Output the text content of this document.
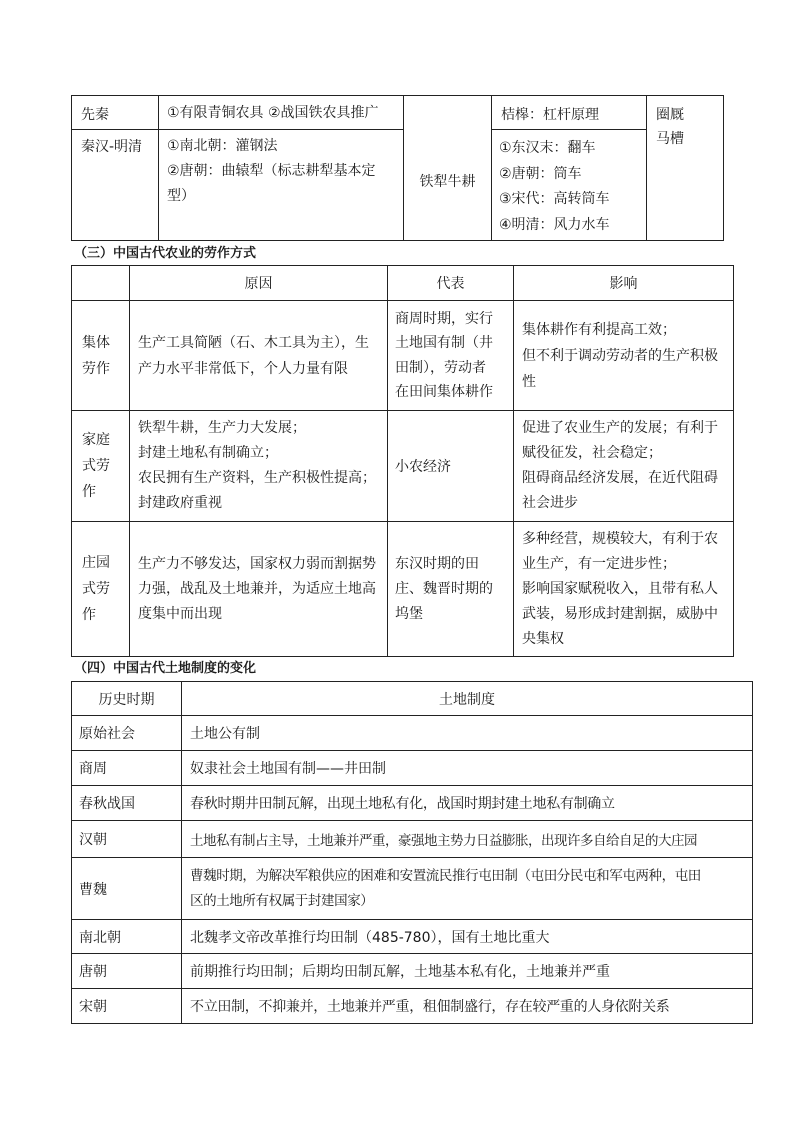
先秦	①有限青铜农具 ②战国铁农具推广	铁犁牛耕	桔槔：杠杆原理	圈厩
马槽

秦汉-明清	①南北朝：灌钢法
②唐朝：曲辕犁（标志耕犁基本定型）		①东汉末：翻车
②唐朝：筒车
③宋代：高转筒车
④明清：风力水车	
（三）中国古代农业的劳作方式
	原因	代表	影响

集体
劳作	生产工具简陋（石、木工具为主），生
产力水平非常低下，个人力量有限	商周时期，实行
土地国有制（井
田制），劳动者
在田间集体耕作	集体耕作有利提高工效；
但不利于调动劳动者的生产积极
性

家庭
式劳
作	铁犁牛耕，生产力大发展；
封建土地私有制确立；
农民拥有生产资料，生产积极性提高；
封建政府重视	小农经济	促进了农业生产的发展；有利于
赋役征发，社会稳定；
阻碍商品经济发展，在近代阻碍
社会进步

庄园
式劳
作	生产力不够发达，国家权力弱而割据势
力强，战乱及土地兼并，为适应土地高
度集中而出现	东汉时期的田
庄、魏晋时期的
坞堡	多种经营，规模较大，有利于农
业生产，有一定进步性；
影响国家赋税收入，且带有私人
武装，易形成封建割据，威胁中
央集权
（四）中国古代土地制度的变化
历史时期	土地制度
原始社会	土地公有制
商周	奴隶社会土地国有制——井田制
春秋战国	春秋时期井田制瓦解，出现土地私有化，战国时期封建土地私有制确立
汉朝	土地私有制占主导，土地兼并严重，豪强地主势力日益膨胀，出现许多自给自足的大庄园
曹魏	曹魏时期，为解决军粮供应的困难和安置流民推行屯田制（屯田分民屯和军屯两种，屯田
区的土地所有权属于封建国家）

南北朝	北魏孝文帝改革推行均田制（485-780），国有土地比重大
唐朝	前期推行均田制；后期均田制瓦解，土地基本私有化，土地兼并严重
宋朝	不立田制，不抑兼并，土地兼并严重，租佃制盛行，存在较严重的人身依附关系
